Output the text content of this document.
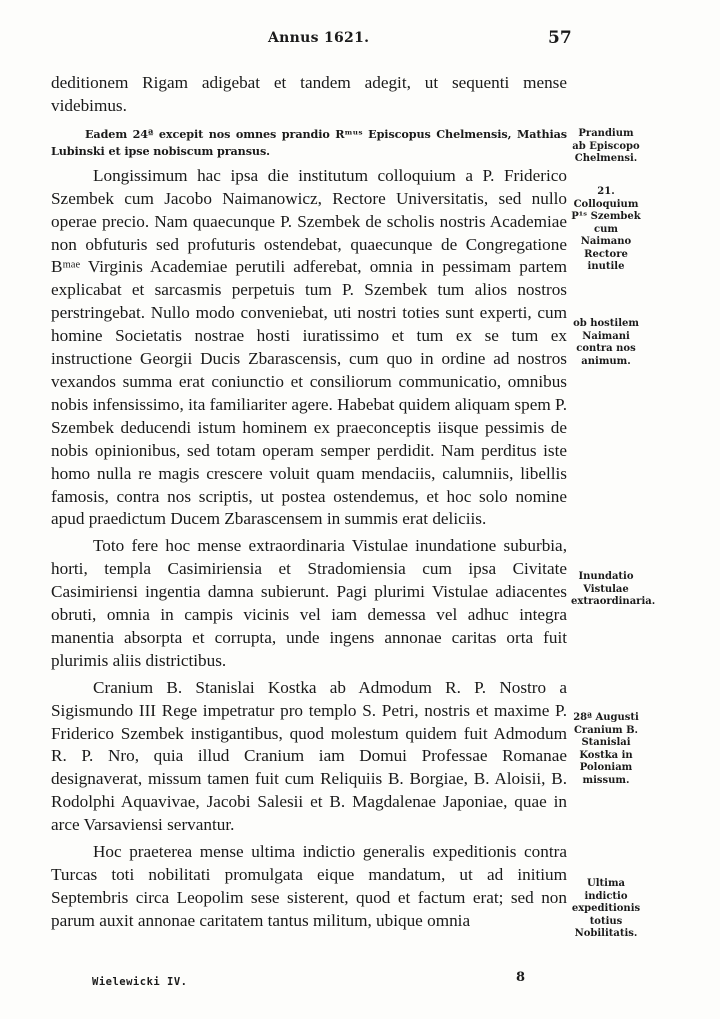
Annus 1621.	57

deditionem Rigam adigebat et tandem adegit, ut sequenti mense videbimus.

Eadem 24ª excepit nos omnes prandio Rᵐᵘˢ Episcopus Chelmensis, Mathias Lubinski et ipse nobiscum pransus.

Longissimum hac ipsa die institutum colloquium a P. Friderico Szembek cum Jacobo Naimanowicz, Rectore Universitatis, sed nullo operae precio. Nam quaecunque P. Szembek de scholis nostris Academiae non obfuturis sed profuturis ostendebat, quaecunque de Congregatione Bᵐᵃᵉ Virginis Academiae perutili adferebat, omnia in pessimam partem explicabat et sarcasmis perpetuis tum P. Szembek tum alios nostros perstringebat. Nullo modo conveniebat, uti nostri toties sunt experti, cum homine Societatis nostrae hosti iuratissimo et tum ex se tum ex instructione Georgii Ducis Zbarascensis, cum quo in ordine ad nostros vexandos summa erat coniunctio et consiliorum communicatio, omnibus nobis infensissimo, ita familiariter agere. Habebat quidem aliquam spem P. Szembek deducendi istum hominem ex praeconceptis iisque pessimis de nobis opinionibus, sed totam operam semper perdidit. Nam perditus iste homo nulla re magis crescere voluit quam mendaciis, calumniis, libellis famosis, contra nos scriptis, ut postea ostendemus, et hoc solo nomine apud praedictum Ducem Zbarascensem in summis erat deliciis.

Toto fere hoc mense extraordinaria Vistulae inundatione suburbia, horti, templa Casimiriensia et Stradomiensia cum ipsa Civitate Casimiriensi ingentia damna subierunt. Pagi plurimi Vistulae adiacentes obruti, omnia in campis vicinis vel iam demessa vel adhuc integra manentia absorpta et corrupta, unde ingens annonae caritas orta fuit plurimis aliis districtibus.

Cranium B. Stanislai Kostka ab Admodum R. P. Nostro a Sigismundo III Rege impetratur pro templo S. Petri, nostris et maxime P. Friderico Szembek instigantibus, quod molestum quidem fuit Admodum R. P. Nro, quia illud Cranium iam Domui Professae Romanae designaverat, missum tamen fuit cum Reliquiis B. Borgiae, B. Aloisii, B. Rodolphi Aquavivae, Jacobi Salesii et B. Magdalenae Japoniae, quae in arce Varsaviensi servantur.

Hoc praeterea mense ultima indictio generalis expeditionis contra Turcas toti nobilitati promulgata eique mandatum, ut ad initium Septembris circa Leopolim sese sisterent, quod et factum erat; sed non parum auxit annonae caritatem tantus militum, ubique omnia

Prandium ab Episcopo Chelmensi.
21. Colloquium P¹ˢ Szembek cum Naimano Rectore inutile
ob hostilem Naimani contra nos animum.
Inundatio Vistulae extraordinaria.
28ª Augusti Cranium B. Stanislai Kostka in Poloniam missum.
Ultima indictio expeditionis totius Nobilitatis.
Wielewicki IV.	8
